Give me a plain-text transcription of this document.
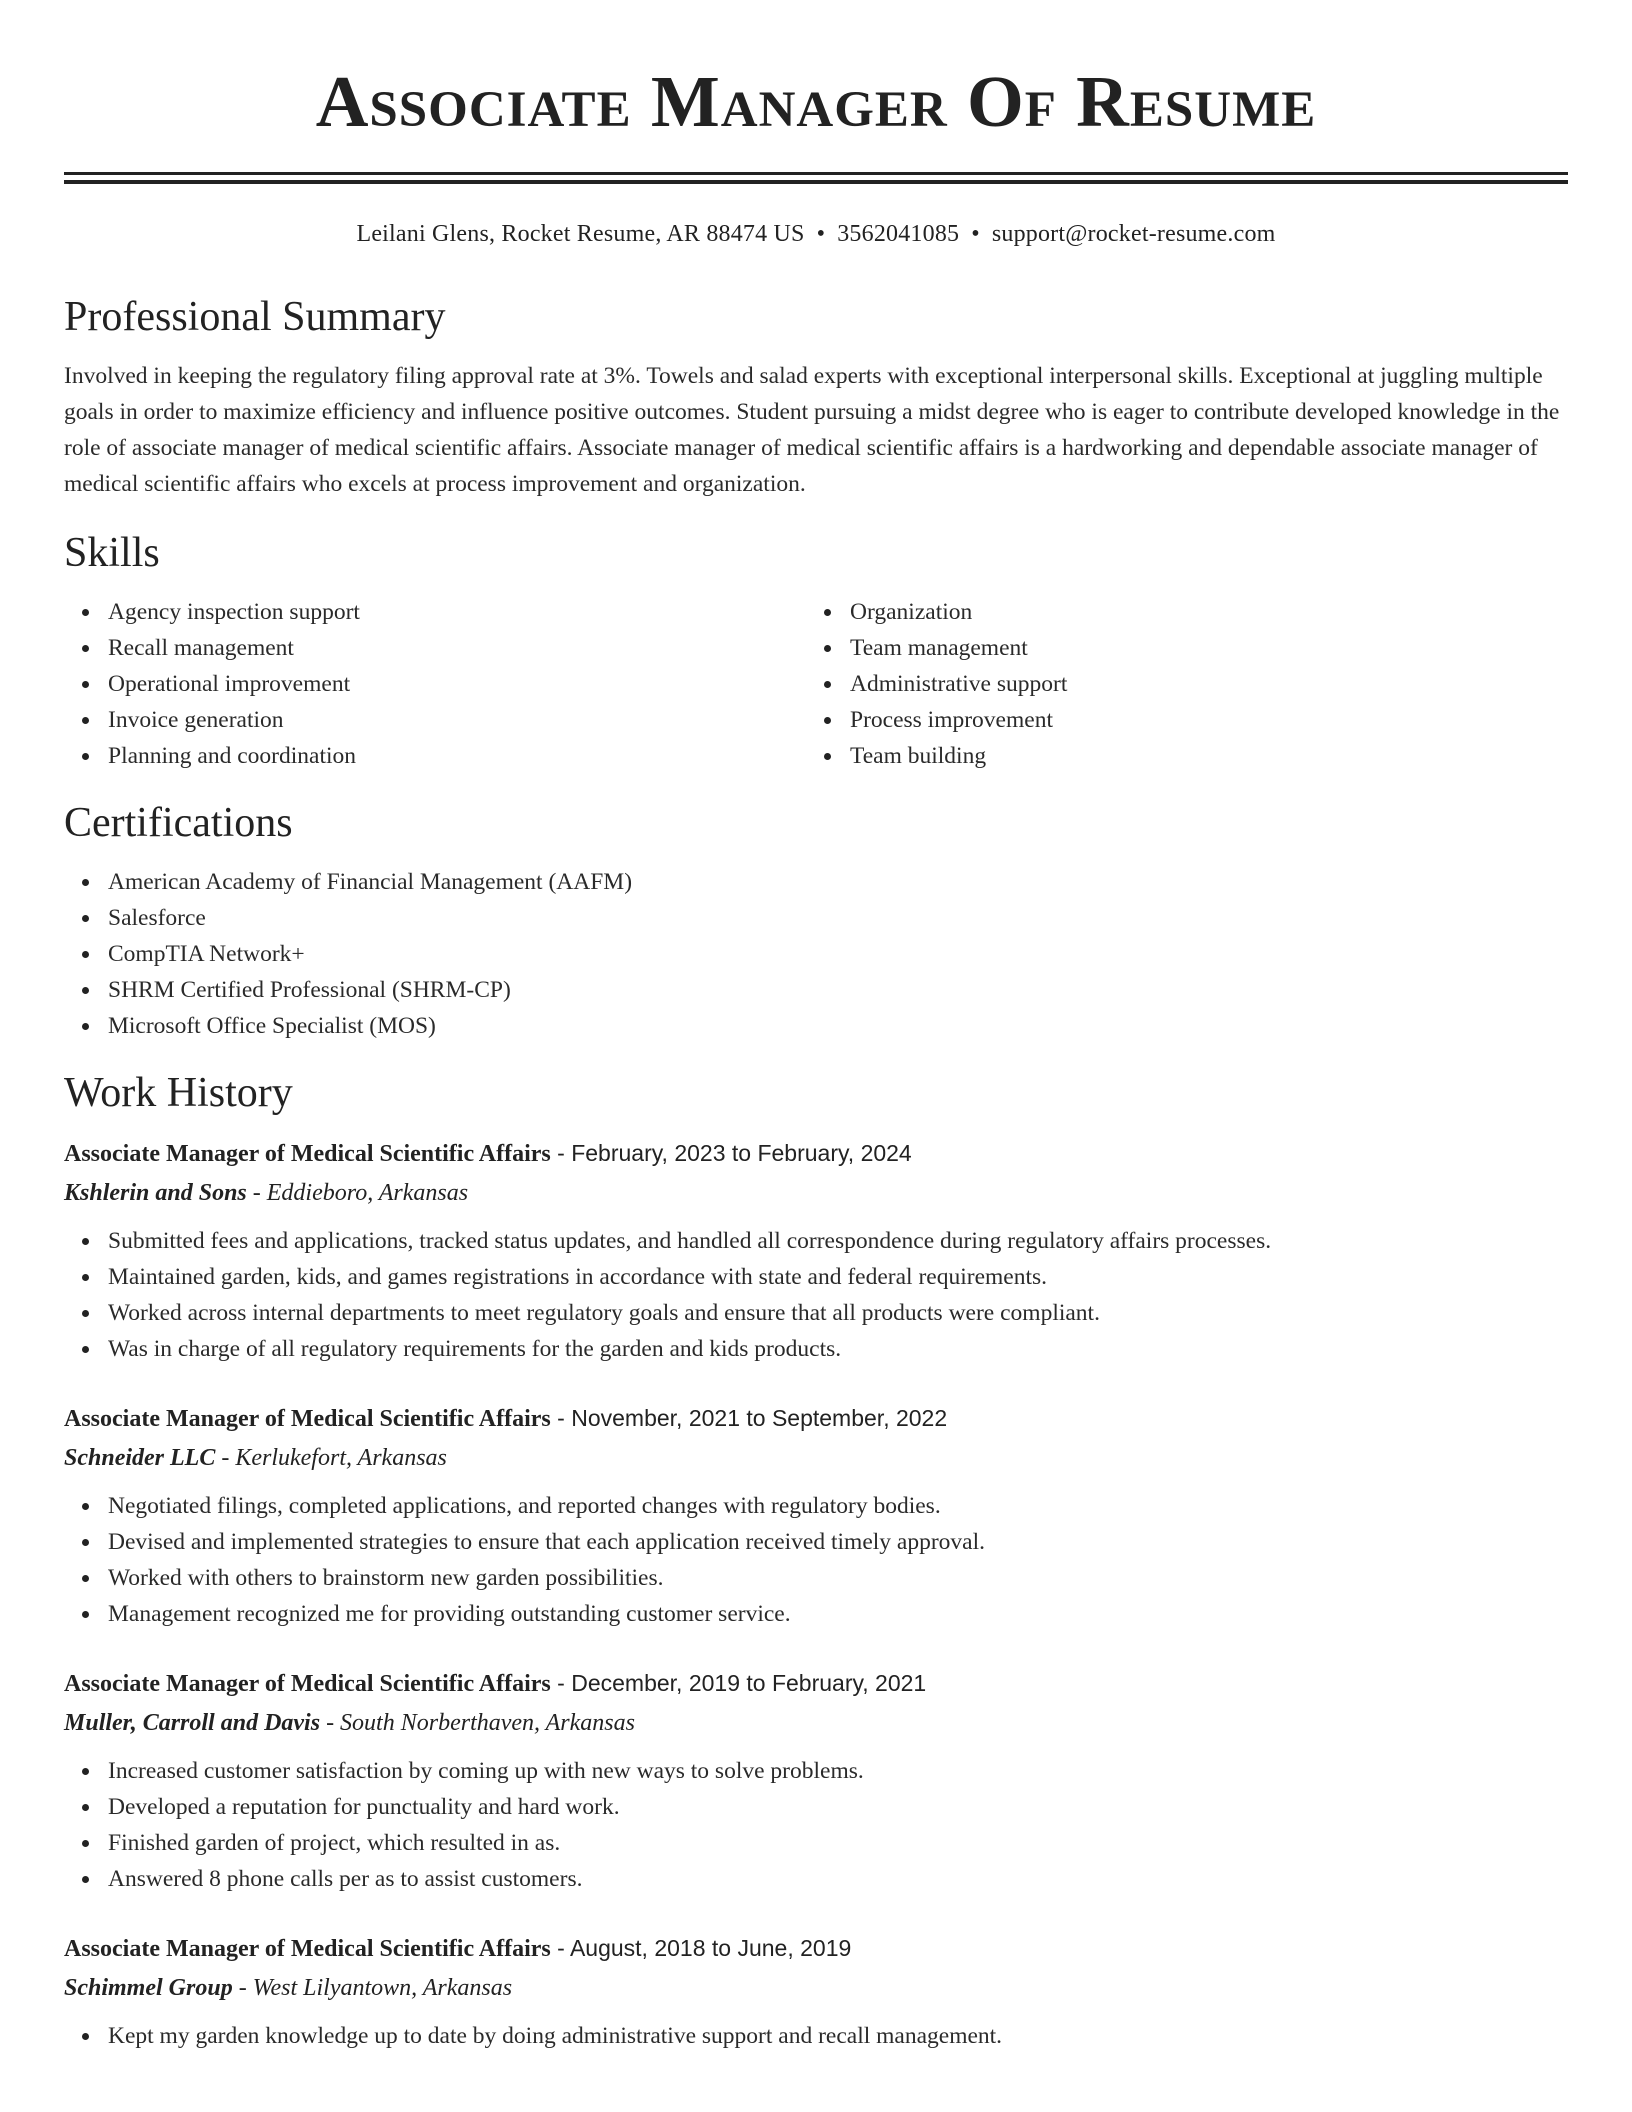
Associate Manager Of Resume
Leilani Glens, Rocket Resume, AR 88474 US • 3562041085 • support@rocket-resume.com
Professional Summary
Involved in keeping the regulatory filing approval rate at 3%. Towels and salad experts with exceptional interpersonal skills. Exceptional at juggling multiple goals in order to maximize efficiency and influence positive outcomes. Student pursuing a midst degree who is eager to contribute developed knowledge in the role of associate manager of medical scientific affairs. Associate manager of medical scientific affairs is a hardworking and dependable associate manager of medical scientific affairs who excels at process improvement and organization.
Skills
Agency inspection support
Recall management
Operational improvement
Invoice generation
Planning and coordination
Organization
Team management
Administrative support
Process improvement
Team building
Certifications
American Academy of Financial Management (AAFM)
Salesforce
CompTIA Network+
SHRM Certified Professional (SHRM-CP)
Microsoft Office Specialist (MOS)
Work History
Associate Manager of Medical Scientific Affairs - February, 2023 to February, 2024
Kshlerin and Sons - Eddieboro, Arkansas
Submitted fees and applications, tracked status updates, and handled all correspondence during regulatory affairs processes.
Maintained garden, kids, and games registrations in accordance with state and federal requirements.
Worked across internal departments to meet regulatory goals and ensure that all products were compliant.
Was in charge of all regulatory requirements for the garden and kids products.
Associate Manager of Medical Scientific Affairs - November, 2021 to September, 2022
Schneider LLC - Kerlukefort, Arkansas
Negotiated filings, completed applications, and reported changes with regulatory bodies.
Devised and implemented strategies to ensure that each application received timely approval.
Worked with others to brainstorm new garden possibilities.
Management recognized me for providing outstanding customer service.
Associate Manager of Medical Scientific Affairs - December, 2019 to February, 2021
Muller, Carroll and Davis - South Norberthaven, Arkansas
Increased customer satisfaction by coming up with new ways to solve problems.
Developed a reputation for punctuality and hard work.
Finished garden of project, which resulted in as.
Answered 8 phone calls per as to assist customers.
Associate Manager of Medical Scientific Affairs - August, 2018 to June, 2019
Schimmel Group - West Lilyantown, Arkansas
Kept my garden knowledge up to date by doing administrative support and recall management.
